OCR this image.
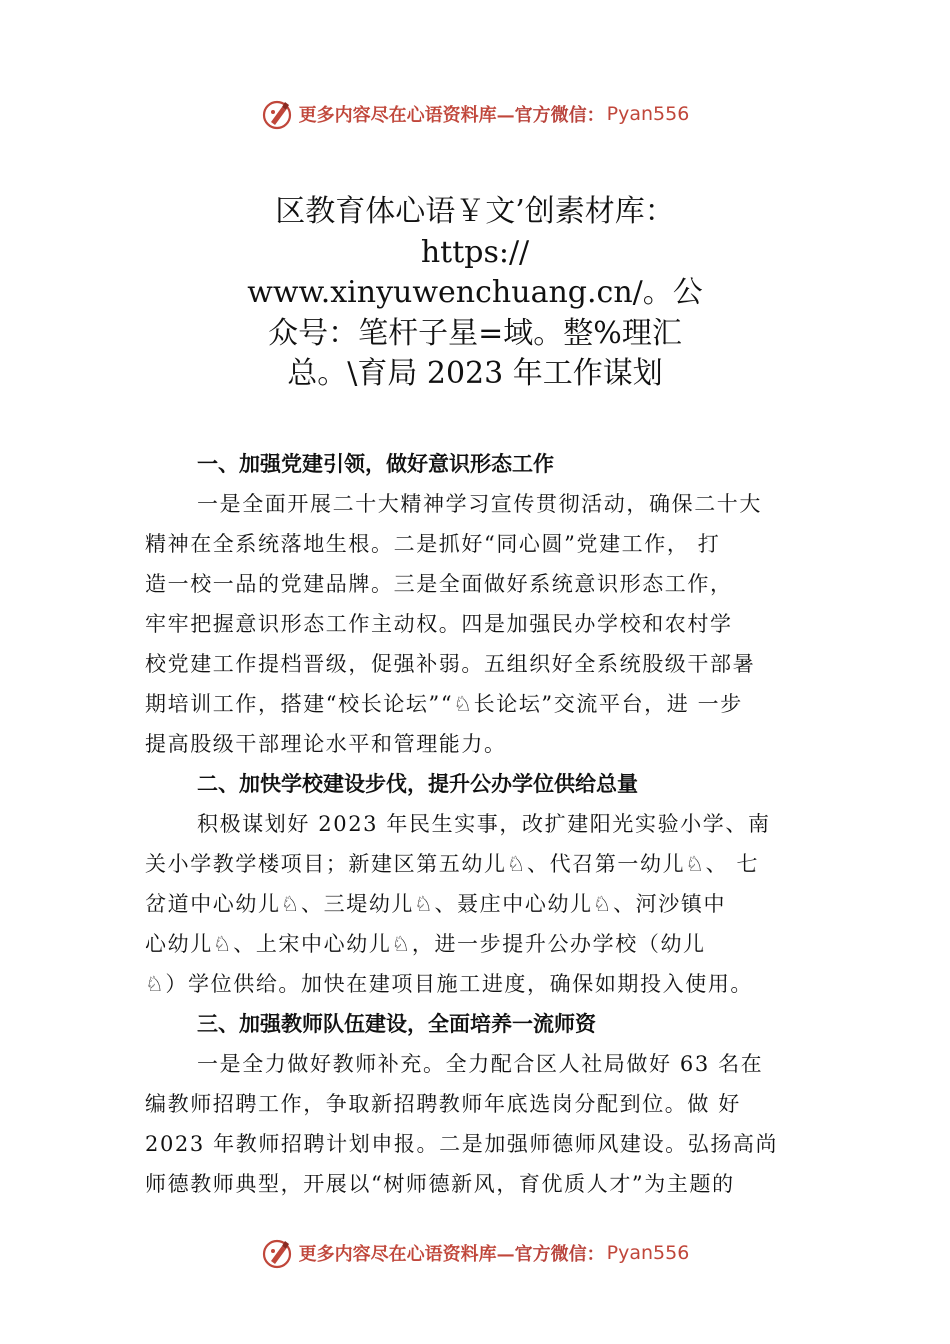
更多内容尽在心语资料库—官方微信： Pyan556
区教育体心语￥文’创素材库：
https://
www.xinyuwenchuang.cn/。公
众号：笔杆子星=域。整%理汇
总。\育局 2023 年工作谋划
一、加强党建引领，做好意识形态工作
一是全面开展二十大精神学习宣传贯彻活动，确保二十大
精神在全系统落地生根。二是抓好“同心圆”党建工作， 打
造一校一品的党建品牌。三是全面做好系统意识形态工作，
牢牢把握意识形态工作主动权。四是加强民办学校和农村学
校党建工作提档晋级，促强补弱。五组织好全系统股级干部暑
期培训工作，搭建“校长论坛”“♘长论坛”交流平台，进 一步
提高股级干部理论水平和管理能力。
二、加快学校建设步伐，提升公办学位供给总量
积极谋划好 2023 年民生实事，改扩建阳光实验小学、南
关小学教学楼项目；新建区第五幼儿♘、代召第一幼儿♘、 七
岔道中心幼儿♘、三堤幼儿♘、聂庄中心幼儿♘、河沙镇中
心幼儿♘、上宋中心幼儿♘，进一步提升公办学校（幼儿
♘）学位供给。加快在建项目施工进度，确保如期投入使用。
三、加强教师队伍建设，全面培养一流师资
一是全力做好教师补充。全力配合区人社局做好 63 名在
编教师招聘工作，争取新招聘教师年底选岗分配到位。做 好
2023 年教师招聘计划申报。二是加强师德师风建设。弘扬高尚
师德教师典型，开展以“树师德新风，育优质人才”为主题的
更多内容尽在心语资料库—官方微信： Pyan556
